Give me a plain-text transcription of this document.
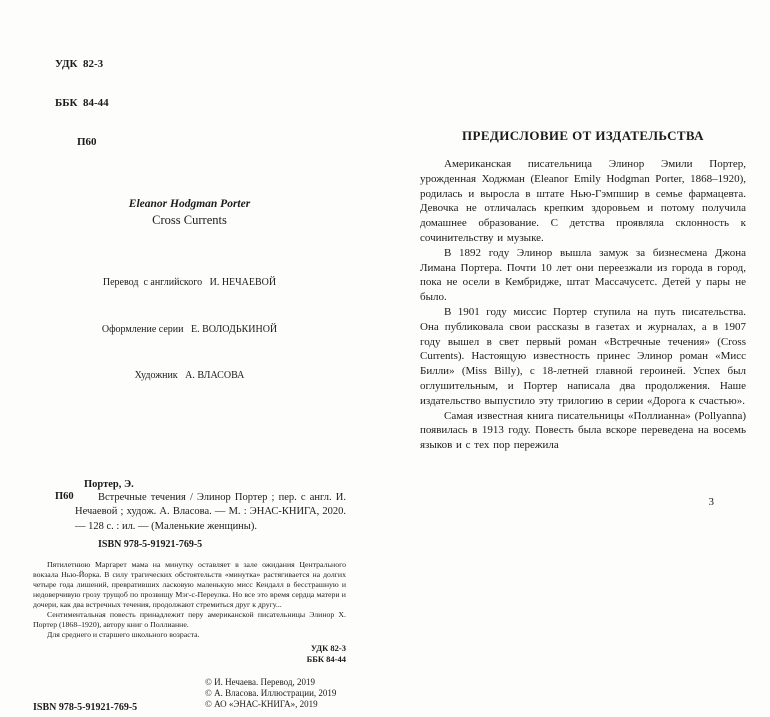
УДК  82-3

ББК  84-44

П60

Eleanor Hodgman Porter
Cross Currents

Перевод  с английского   И. НЕЧАЕВОЙ

Оформление серии   Е. ВОЛОДЬКИНОЙ

Художник   А. ВЛАСОВА

Портер, Э.
П60	Встречные течения / Элинор Портер ; пер. с англ. И. Нечаевой ; худож. А. Власова. — М. : ЭНАС-КНИГА, 2020. — 128 с. : ил. — (Маленькие женщины).

ISBN 978-5-91921-769-5

Пятилетнюю Маргарет мама на минутку оставляет в зале ожидания Центрального вокзала Нью-Йорка. В силу трагических обстоятельств «минутка» растягивается на долгих четыре года лишений, превративших ласковую маленькую мисс Кендалл в бесстрашную и недоверчивую грозу трущоб по прозвищу Мэг-с-Переулка. Но все это время сердца матери и дочери, как два встречных течения, продолжают стремиться друг к другу...

Сентиментальная повесть принадлежит перу американской писательницы Элинор Х. Портер (1868–1920), автору книг о Поллианне.

Для среднего и старшего школьного возраста.

УДК 82-3
ББК 84-44
ISBN 978-5-91921-769-5
© И. Нечаева. Перевод, 2019
© А. Власова. Иллюстрации, 2019
© АО «ЭНАС-КНИГА», 2019
ПРЕДИСЛОВИЕ ОТ ИЗДАТЕЛЬСТВА

Американская писательница Элинор Эмили Портер, урожденная Ходжман (Eleanor Emily Hodgman Porter, 1868–1920), родилась и выросла в штате Нью-Гэмпшир в семье фармацевта. Девочка не отличалась крепким здоровьем и потому получила домашнее образование. С детства проявляла склонность к сочинительству и музыке.

В 1892 году Элинор вышла замуж за бизнесмена Джона Лимана Портера. Почти 10 лет они переезжали из города в город, пока не осели в Кембридже, штат Массачусетс. Детей у пары не было.

В 1901 году миссис Портер ступила на путь писательства. Она публиковала свои рассказы в газетах и журналах, а в 1907 году вышел в свет первый роман «Встречные течения» (Cross Currents). Настоящую известность принес Элинор роман «Мисс Билли» (Miss Billy), с 18-летней главной героиней. Успех был оглушительным, и Портер написала два продолжения. Наше издательство выпустило эту трилогию в серии «Дорога к счастью».

Самая известная книга писательницы «Поллианна» (Pollyanna) появилась в 1913 году. Повесть была вскоре переведена на восемь языков и с тех пор пережила

3
